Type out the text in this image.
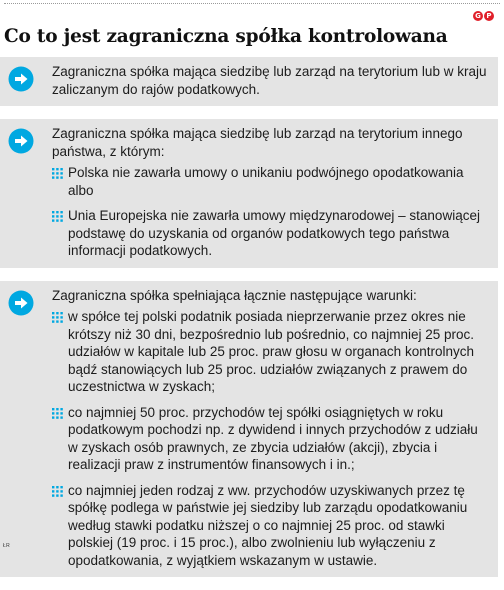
Co to jest zagraniczna spółka kontrolowana
G P
Zagraniczna spółka mająca siedzibę lub zarząd na terytorium lub w kraju zaliczanym do rajów podatkowych.
Zagraniczna spółka mająca siedzibę lub zarząd na terytorium innego państwa, z którym:
Polska nie zawarła umowy o unikaniu podwójnego opodatkowania albo
Unia Europejska nie zawarła umowy międzynarodowej – stanowiącej podstawę do uzyskania od organów podatkowych tego państwa informacji podatkowych.
Zagraniczna spółka spełniająca łącznie następujące warunki:
w spółce tej polski podatnik posiada nieprzerwanie przez okres nie krótszy niż 30 dni, bezpośrednio lub pośrednio, co najmniej 25 proc. udziałów w kapitale lub 25 proc. praw głosu w organach kontrolnych bądź stanowiących lub 25 proc. udziałów związanych z prawem do uczestnictwa w zyskach;
co najmniej 50 proc. przychodów tej spółki osiągniętych w roku podatkowym pochodzi np. z dywidend i innych przychodów z udziału w zyskach osób prawnych, ze zbycia udziałów (akcji), zbycia i realizacji praw z instrumentów finansowych i in.;
co najmniej jeden rodzaj z ww. przychodów uzyskiwanych przez tę spółkę podlega w państwie jej siedziby lub zarządu opodatkowaniu według stawki podatku niższej o co najmniej 25 proc. od stawki polskiej (19 proc. i 15 proc.), albo zwolnieniu lub wyłączeniu z opodatkowania, z wyjątkiem wskazanym w ustawie.
ŁR
